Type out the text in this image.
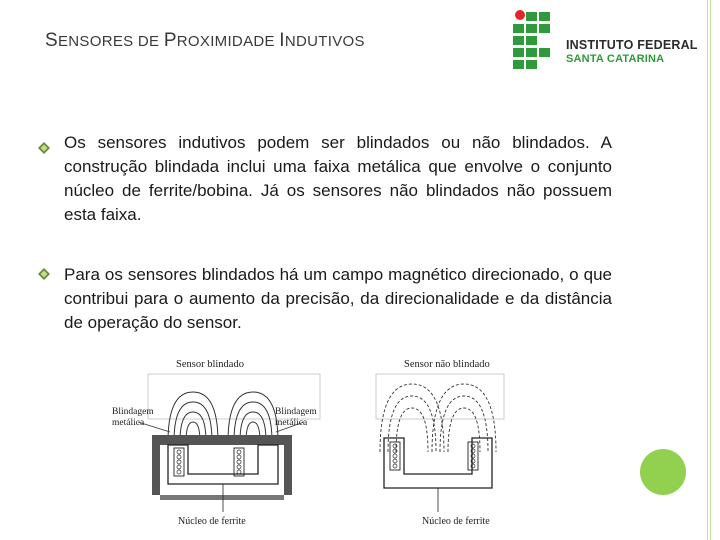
SENSORES DE PROXIMIDADE INDUTIVOS	INSTITUTO FEDERAL
SANTA CATARINA
Os sensores indutivos podem ser blindados ou não blindados. A construção blindada inclui uma faixa metálica que envolve o conjunto núcleo de ferrite/bobina. Já os sensores não blindados não possuem esta faixa.
Para os sensores blindados há um campo magnético direcionado, o que contribui para o aumento da precisão, da direcionalidade e da distância de operação do sensor.
Sensor blindado
Blindagem
metálica
Blindagem
metálica
Núcleo de ferrite
Sensor não blindado
Núcleo de ferrite
